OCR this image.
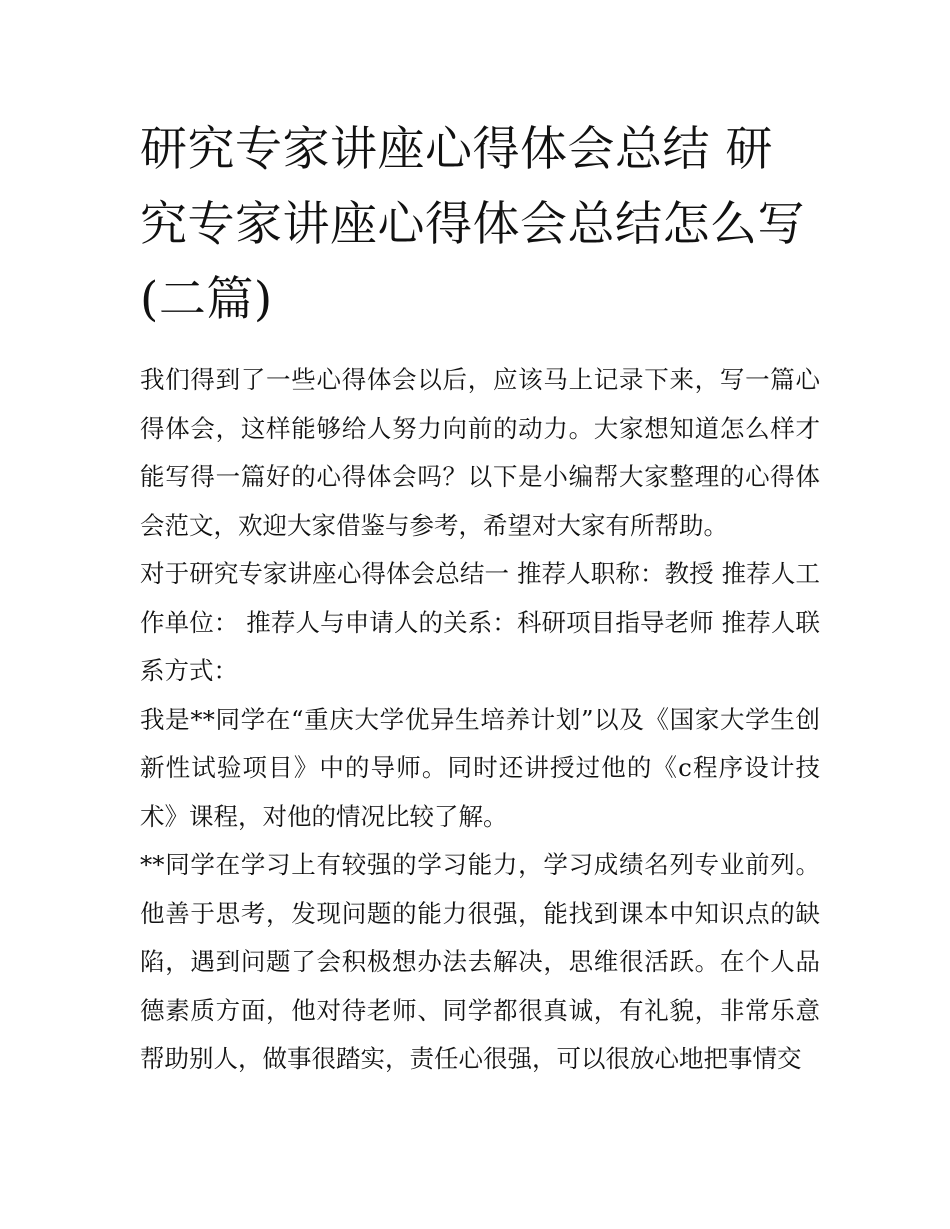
研究专家讲座心得体会总结 研究专家讲座心得体会总结怎么写(二篇)

我们得到了一些心得体会以后，应该马上记录下来，写一篇心得体会，这样能够给人努力向前的动力。大家想知道怎么样才能写得一篇好的心得体会吗？以下是小编帮大家整理的心得体会范文，欢迎大家借鉴与参考，希望对大家有所帮助。

对于研究专家讲座心得体会总结一 推荐人职称：教授 推荐人工作单位： 推荐人与申请人的关系：科研项目指导老师 推荐人联系方式：

我是**同学在“重庆大学优异生培养计划”以及《国家大学生创新性试验项目》中的导师。同时还讲授过他的《c程序设计技术》课程，对他的情况比较了解。

**同学在学习上有较强的学习能力，学习成绩名列专业前列。他善于思考，发现问题的能力很强，能找到课本中知识点的缺陷，遇到问题了会积极想办法去解决，思维很活跃。在个人品德素质方面，他对待老师、同学都很真诚，有礼貌，非常乐意帮助别人，做事很踏实，责任心很强，可以很放心地把事情交
